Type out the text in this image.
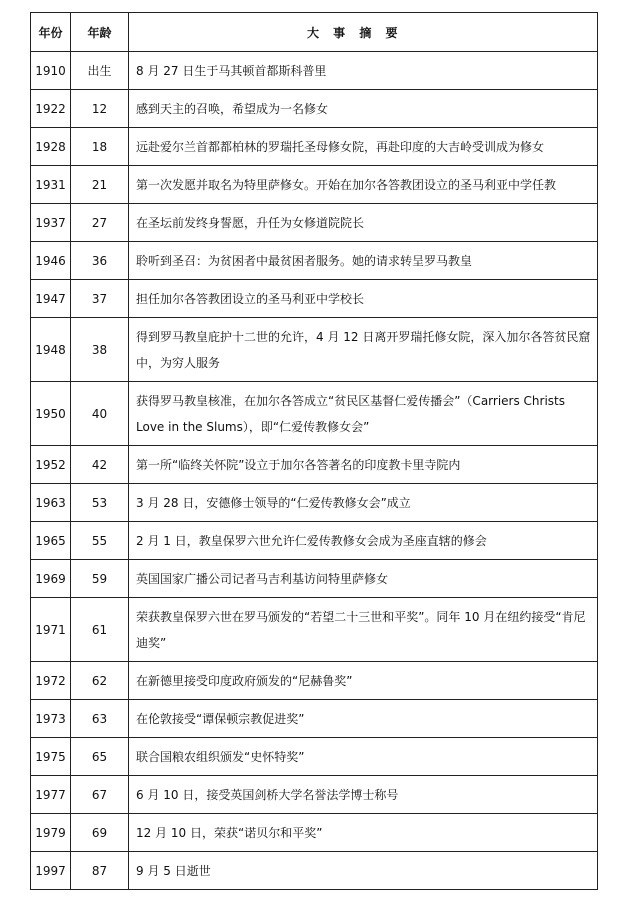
年份	年龄	大 事 摘 要
1910	出生	8 月 27 日生于马其顿首都斯科普里
1922	12	感到天主的召唤，希望成为一名修女
1928	18	远赴爱尔兰首都都柏林的罗瑞托圣母修女院，再赴印度的大吉岭受训成为修女
1931	21	第一次发愿并取名为特里萨修女。开始在加尔各答教团设立的圣马利亚中学任教
1937	27	在圣坛前发终身誓愿，升任为女修道院院长
1946	36	聆听到圣召：为贫困者中最贫困者服务。她的请求转呈罗马教皇
1947	37	担任加尔各答教团设立的圣马利亚中学校长
1948	38	得到罗马教皇庇护十二世的允许，4 月 12 日离开罗瑞托修女院，深入加尔各答贫民窟中，为穷人服务
1950	40	获得罗马教皇核准，在加尔各答成立“贫民区基督仁爱传播会”（Carriers Christs Love in the Slums），即“仁爱传教修女会”
1952	42	第一所“临终关怀院”设立于加尔各答著名的印度教卡里寺院内
1963	53	3 月 28 日，安德修士领导的“仁爱传教修女会”成立
1965	55	2 月 1 日，教皇保罗六世允许仁爱传教修女会成为圣座直辖的修会
1969	59	英国国家广播公司记者马吉利基访问特里萨修女
1971	61	荣获教皇保罗六世在罗马颁发的“若望二十三世和平奖”。同年 10 月在纽约接受“肯尼迪奖”
1972	62	在新德里接受印度政府颁发的“尼赫鲁奖”
1973	63	在伦敦接受“谭保顿宗教促进奖”
1975	65	联合国粮农组织颁发“史怀特奖”
1977	67	6 月 10 日，接受英国剑桥大学名誉法学博士称号
1979	69	12 月 10 日，荣获“诺贝尔和平奖”
1997	87	9 月 5 日逝世
